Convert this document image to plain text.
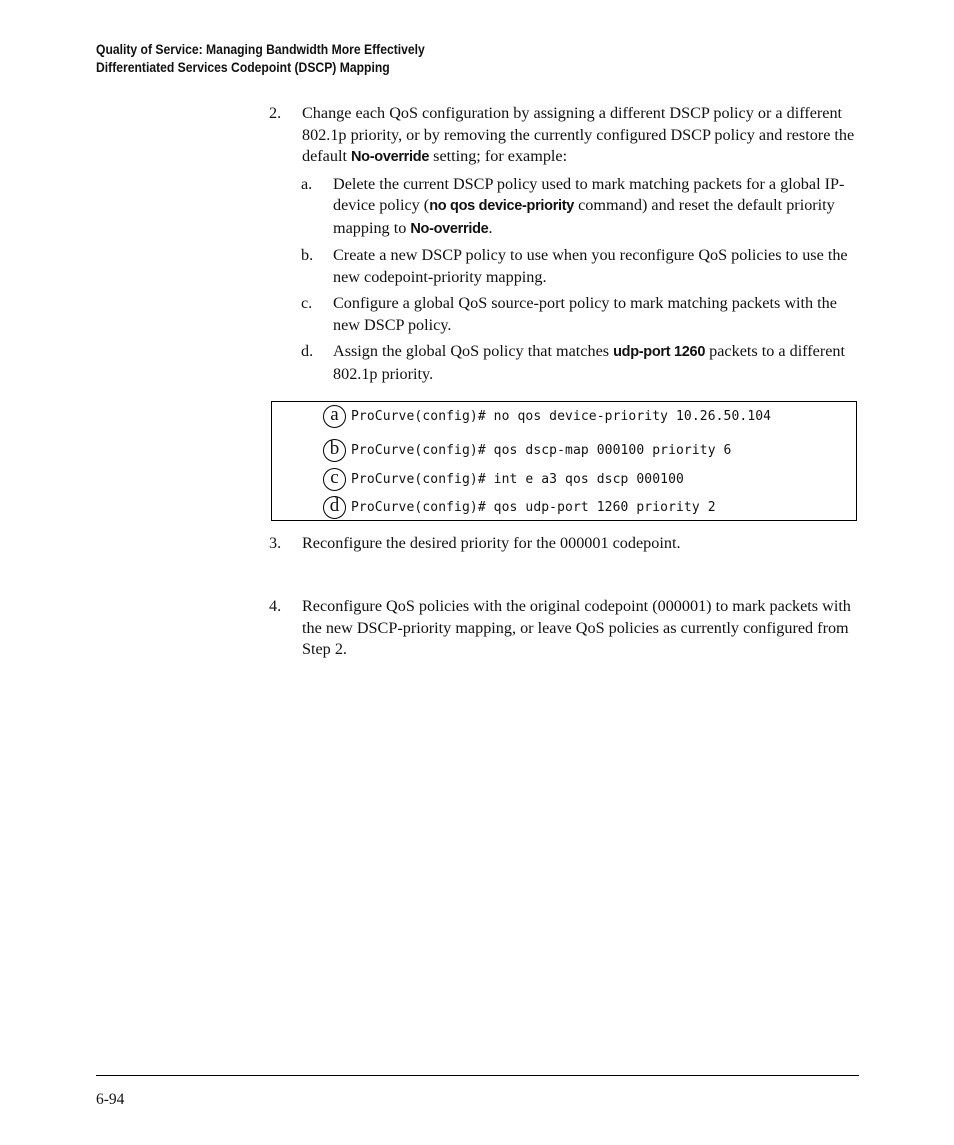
Quality of Service: Managing Bandwidth More Effectively
Differentiated Services Codepoint (DSCP) Mapping
2. Change each QoS configuration by assigning a different DSCP policy or a different 802.1p priority, or by removing the currently configured DSCP policy and restore the default No-override setting; for example:
a. Delete the current DSCP policy used to mark matching packets for a global IP-device policy (no qos device-priority command) and reset the default priority mapping to No-override.
b. Create a new DSCP policy to use when you reconfigure QoS policies to use the new codepoint-priority mapping.
c. Configure a global QoS source-port policy to mark matching packets with the new DSCP policy.
d. Assign the global QoS policy that matches udp-port 1260 packets to a different 802.1p priority.
a ProCurve(config)# no qos device-priority 10.26.50.104
b ProCurve(config)# qos dscp-map 000100 priority 6
c ProCurve(config)# int e a3 qos dscp 000100
d ProCurve(config)# qos udp-port 1260 priority 2
3. Reconfigure the desired priority for the 000001 codepoint.
4. Reconfigure QoS policies with the original codepoint (000001) to mark packets with the new DSCP-priority mapping, or leave QoS policies as currently configured from Step 2.
6-94
